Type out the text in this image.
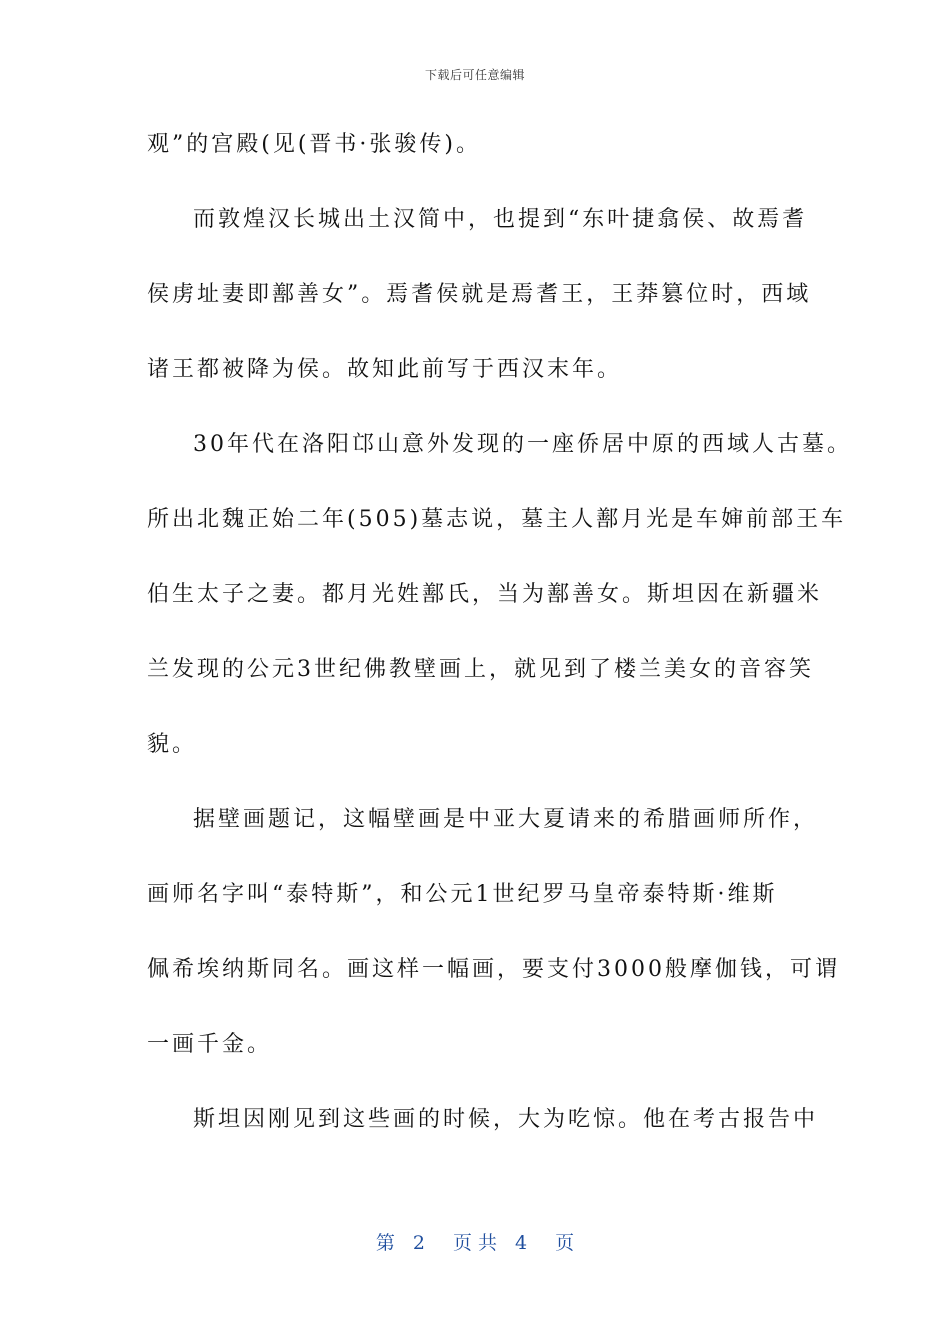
下载后可任意编辑
观”的宫殿(见(晋书·张骏传)。
而敦煌汉长城出土汉简中，也提到“东叶捷翕侯、故焉耆
侯虏址妻即鄯善女”。焉耆侯就是焉耆王，王莽篡位时，西域
诸王都被降为侯。故知此前写于西汉末年。
30年代在洛阳邙山意外发现的一座侨居中原的西域人古墓。
所出北魏正始二年(505)墓志说，墓主人鄯月光是车婶前部王车
伯生太子之妻。都月光姓鄯氏，当为鄯善女。斯坦因在新疆米
兰发现的公元3世纪佛教壁画上，就见到了楼兰美女的音容笑
貌。
据壁画题记，这幅壁画是中亚大夏请来的希腊画师所作，
画师名字叫“泰特斯”，和公元1世纪罗马皇帝泰特斯·维斯
佩希埃纳斯同名。画这样一幅画，要支付3000般摩伽钱，可谓
一画千金。
斯坦因刚见到这些画的时候，大为吃惊。他在考古报告中
第 2 页 共 4 页
